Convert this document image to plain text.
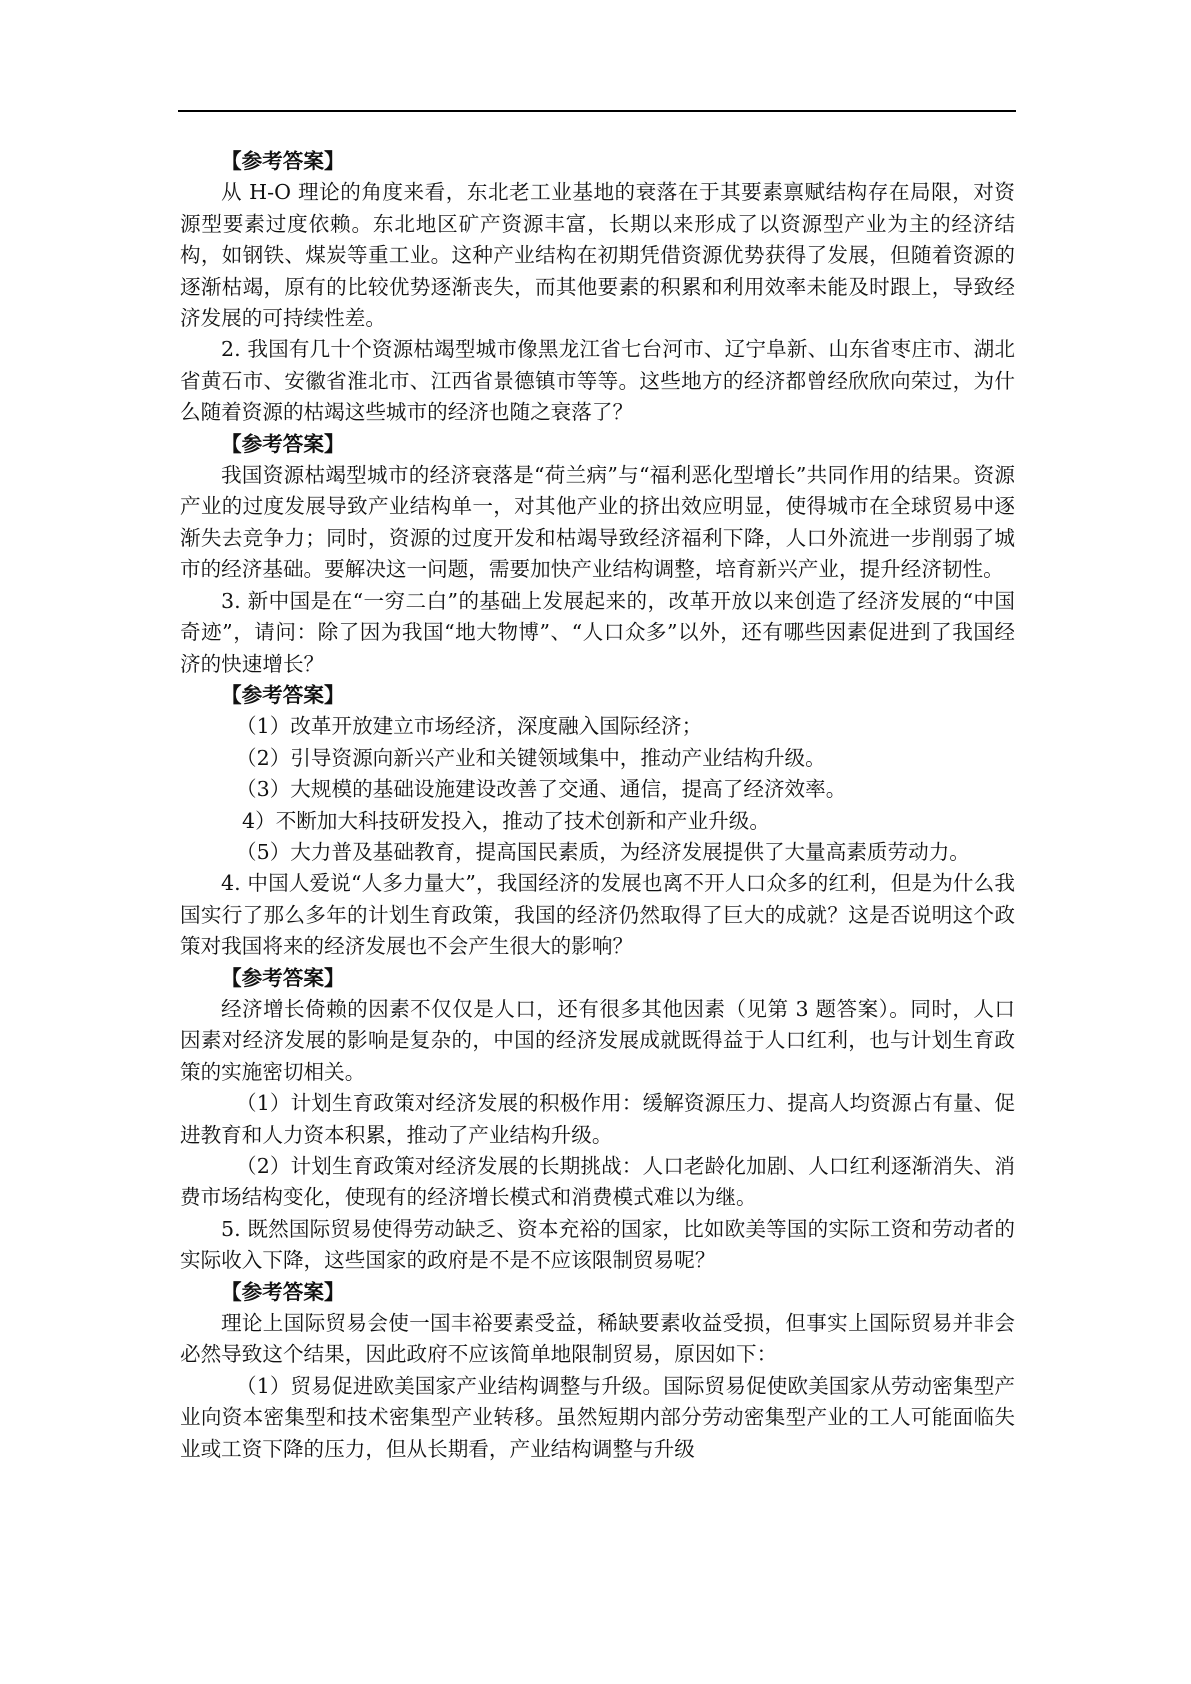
【参考答案】

从 H-O 理论的角度来看，东北老工业基地的衰落在于其要素禀赋结构存在局限，对资源型要素过度依赖。东北地区矿产资源丰富，长期以来形成了以资源型产业为主的经济结构，如钢铁、煤炭等重工业。这种产业结构在初期凭借资源优势获得了发展，但随着资源的逐渐枯竭，原有的比较优势逐渐丧失，而其他要素的积累和利用效率未能及时跟上，导致经济发展的可持续性差。

2. 我国有几十个资源枯竭型城市像黑龙江省七台河市、辽宁阜新、山东省枣庄市、湖北省黄石市、安徽省淮北市、江西省景德镇市等等。这些地方的经济都曾经欣欣向荣过，为什么随着资源的枯竭这些城市的经济也随之衰落了？

【参考答案】

我国资源枯竭型城市的经济衰落是“荷兰病”与“福利恶化型增长”共同作用的结果。资源产业的过度发展导致产业结构单一，对其他产业的挤出效应明显，使得城市在全球贸易中逐渐失去竞争力；同时，资源的过度开发和枯竭导致经济福利下降，人口外流进一步削弱了城市的经济基础。要解决这一问题，需要加快产业结构调整，培育新兴产业，提升经济韧性。

3. 新中国是在“一穷二白”的基础上发展起来的，改革开放以来创造了经济发展的“中国奇迹”，请问：除了因为我国“地大物博”、“人口众多”以外，还有哪些因素促进到了我国经济的快速增长？

【参考答案】

（1）改革开放建立市场经济，深度融入国际经济；

（2）引导资源向新兴产业和关键领域集中，推动产业结构升级。

（3）大规模的基础设施建设改善了交通、通信，提高了经济效率。

4）不断加大科技研发投入，推动了技术创新和产业升级。

（5）大力普及基础教育，提高国民素质，为经济发展提供了大量高素质劳动力。

4. 中国人爱说“人多力量大”，我国经济的发展也离不开人口众多的红利，但是为什么我国实行了那么多年的计划生育政策，我国的经济仍然取得了巨大的成就？这是否说明这个政策对我国将来的经济发展也不会产生很大的影响？

【参考答案】

经济增长倚赖的因素不仅仅是人口，还有很多其他因素（见第 3 题答案）。同时，人口因素对经济发展的影响是复杂的，中国的经济发展成就既得益于人口红利，也与计划生育政策的实施密切相关。

（1）计划生育政策对经济发展的积极作用：缓解资源压力、提高人均资源占有量、促进教育和人力资本积累，推动了产业结构升级。

（2）计划生育政策对经济发展的长期挑战：人口老龄化加剧、人口红利逐渐消失、消费市场结构变化，使现有的经济增长模式和消费模式难以为继。

5. 既然国际贸易使得劳动缺乏、资本充裕的国家，比如欧美等国的实际工资和劳动者的实际收入下降，这些国家的政府是不是不应该限制贸易呢？

【参考答案】

理论上国际贸易会使一国丰裕要素受益，稀缺要素收益受损，但事实上国际贸易并非会必然导致这个结果，因此政府不应该简单地限制贸易，原因如下：

（1）贸易促进欧美国家产业结构调整与升级。国际贸易促使欧美国家从劳动密集型产业向资本密集型和技术密集型产业转移。虽然短期内部分劳动密集型产业的工人可能面临失业或工资下降的压力，但从长期看，产业结构调整与升级
